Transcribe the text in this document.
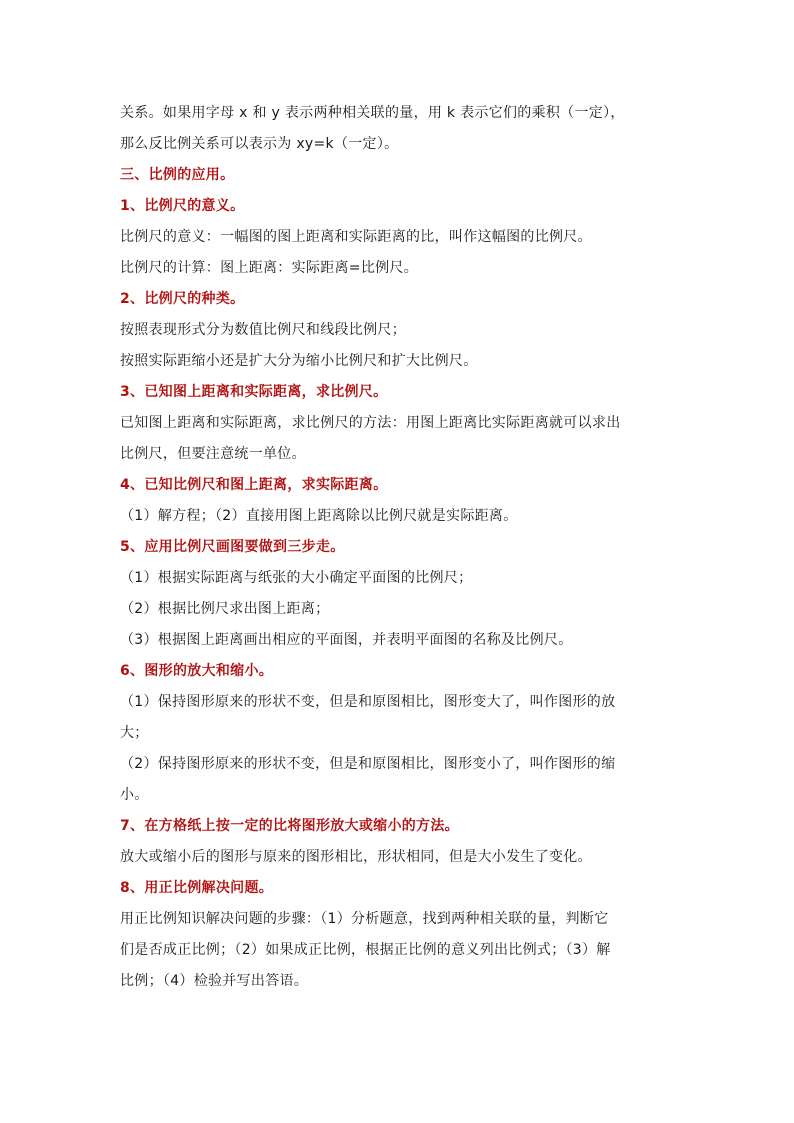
关系。如果用字母 x 和 y 表示两种相关联的量，用 k 表示它们的乘积（一定），

那么反比例关系可以表示为 xy=k（一定）。

三、比例的应用。

1、比例尺的意义。

比例尺的意义：一幅图的图上距离和实际距离的比，叫作这幅图的比例尺。

比例尺的计算：图上距离：实际距离=比例尺。

2、比例尺的种类。

按照表现形式分为数值比例尺和线段比例尺；

按照实际距缩小还是扩大分为缩小比例尺和扩大比例尺。

3、已知图上距离和实际距离，求比例尺。

已知图上距离和实际距离，求比例尺的方法：用图上距离比实际距离就可以求出

比例尺，但要注意统一单位。

4、已知比例尺和图上距离，求实际距离。

（1）解方程；（2）直接用图上距离除以比例尺就是实际距离。

5、应用比例尺画图要做到三步走。

（1）根据实际距离与纸张的大小确定平面图的比例尺；

（2）根据比例尺求出图上距离；

（3）根据图上距离画出相应的平面图，并表明平面图的名称及比例尺。

6、图形的放大和缩小。

（1）保持图形原来的形状不变，但是和原图相比，图形变大了，叫作图形的放

大；

（2）保持图形原来的形状不变，但是和原图相比，图形变小了，叫作图形的缩

小。

7、在方格纸上按一定的比将图形放大或缩小的方法。

放大或缩小后的图形与原来的图形相比，形状相同，但是大小发生了变化。

8、用正比例解决问题。

用正比例知识解决问题的步骤：（1）分析题意，找到两种相关联的量，判断它

们是否成正比例；（2）如果成正比例，根据正比例的意义列出比例式；（3）解

比例；（4）检验并写出答语。
